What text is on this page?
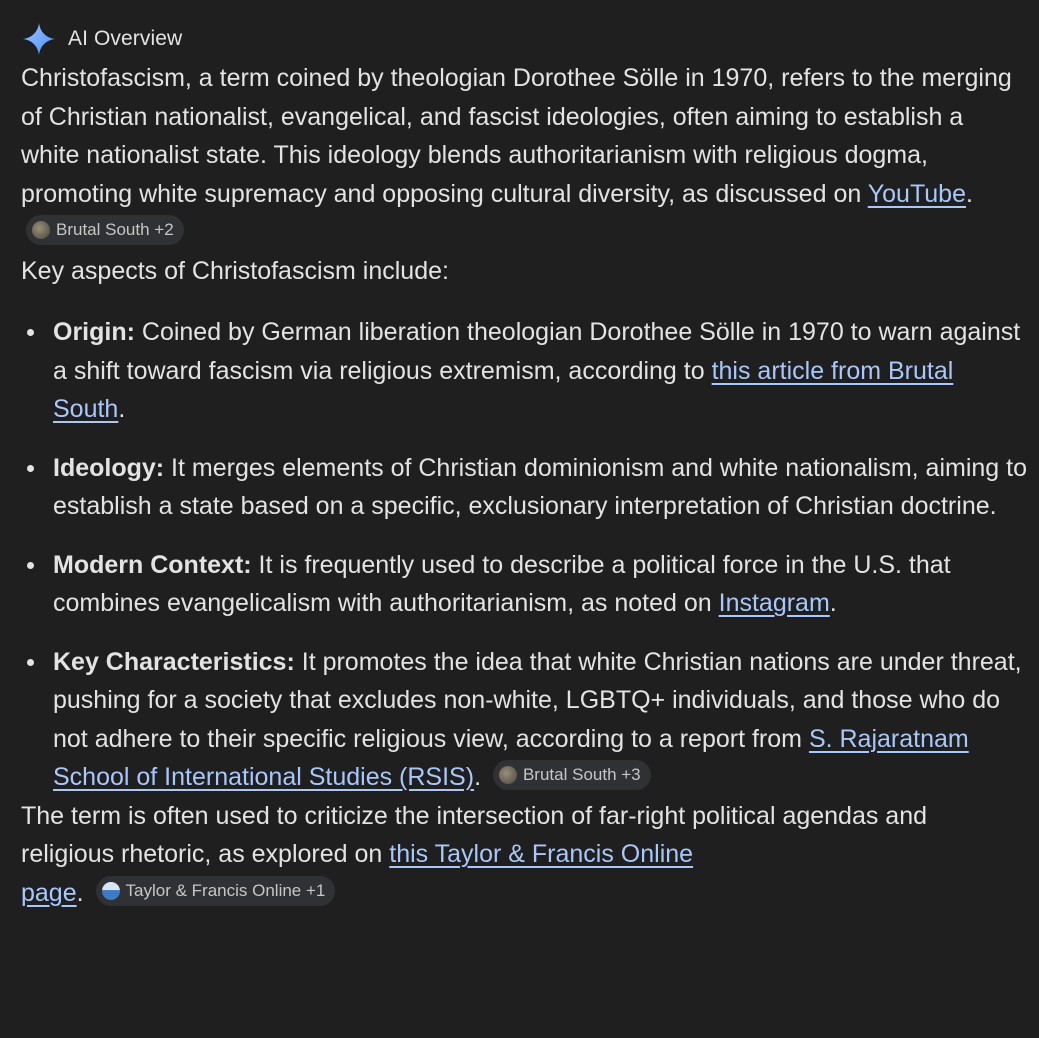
AI Overview

Christofascism, a term coined by theologian Dorothee Sölle in 1970, refers to the merging of Christian nationalist, evangelical, and fascist ideologies, often aiming to establish a white nationalist state. This ideology blends authoritarianism with religious dogma, promoting white supremacy and opposing cultural diversity, as discussed on YouTube.
Brutal South +2

Key aspects of Christofascism include:

Origin: Coined by German liberation theologian Dorothee Sölle in 1970 to warn against a shift toward fascism via religious extremism, according to this article from Brutal South.
Ideology: It merges elements of Christian dominionism and white nationalism, aiming to establish a state based on a specific, exclusionary interpretation of Christian doctrine.
Modern Context: It is frequently used to describe a political force in the U.S. that combines evangelicalism with authoritarianism, as noted on Instagram.
Key Characteristics: It promotes the idea that white Christian nations are under threat, pushing for a society that excludes non-white, LGBTQ+ individuals, and those who do not adhere to their specific religious view, according to a report from S. Rajaratnam School of International Studies (RSIS). Brutal South +3

The term is often used to criticize the intersection of far-right political agendas and religious rhetoric, as explored on this Taylor & Francis Online
page. Taylor & Francis Online +1
